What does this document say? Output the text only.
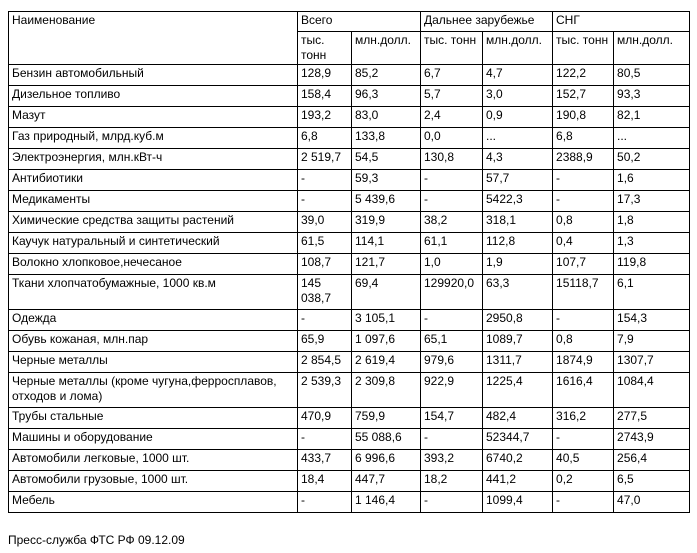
Наименование	Всего		Дальнее зарубежье		СНГ	
	тыс. тонн	млн.долл.	тыс. тонн	млн.долл.	тыс. тонн	млн.долл.
Бензин автомобильный	128,9	85,2	6,7	4,7	122,2	80,5
Дизельное топливо	158,4	96,3	5,7	3,0	152,7	93,3
Мазут	193,2	83,0	2,4	0,9	190,8	82,1
Газ природный, млрд.куб.м	6,8	133,8	0,0	...	6,8	...
Электроэнергия, млн.кВт-ч	2 519,7	54,5	130,8	4,3	2388,9	50,2
Антибиотики	-	59,3	-	57,7	-	1,6
Медикаменты	-	5 439,6	-	5422,3	-	17,3
Химические средства защиты растений	39,0	319,9	38,2	318,1	0,8	1,8
Каучук натуральный и синтетический	61,5	114,1	61,1	112,8	0,4	1,3
Волокно хлопковое,нечесаное	108,7	121,7	1,0	1,9	107,7	119,8
Ткани хлопчатобумажные, 1000 кв.м	145 038,7	69,4	129920,0	63,3	15118,7	6,1
Одежда	-	3 105,1	-	2950,8	-	154,3
Обувь кожаная, млн.пар	65,9	1 097,6	65,1	1089,7	0,8	7,9
Черные металлы	2 854,5	2 619,4	979,6	1311,7	1874,9	1307,7
Черные металлы (кроме чугуна,ферросплавов, отходов и лома)	2 539,3	2 309,8	922,9	1225,4	1616,4	1084,4
Трубы стальные	470,9	759,9	154,7	482,4	316,2	277,5
Машины и оборудование	-	55 088,6	-	52344,7	-	2743,9
Автомобили легковые, 1000 шт.	433,7	6 996,6	393,2	6740,2	40,5	256,4
Автомобили грузовые, 1000 шт.	18,4	447,7	18,2	441,2	0,2	6,5
Мебель	-	1 146,4	-	1099,4	-	47,0
Пресс-служба ФТС РФ 09.12.09
